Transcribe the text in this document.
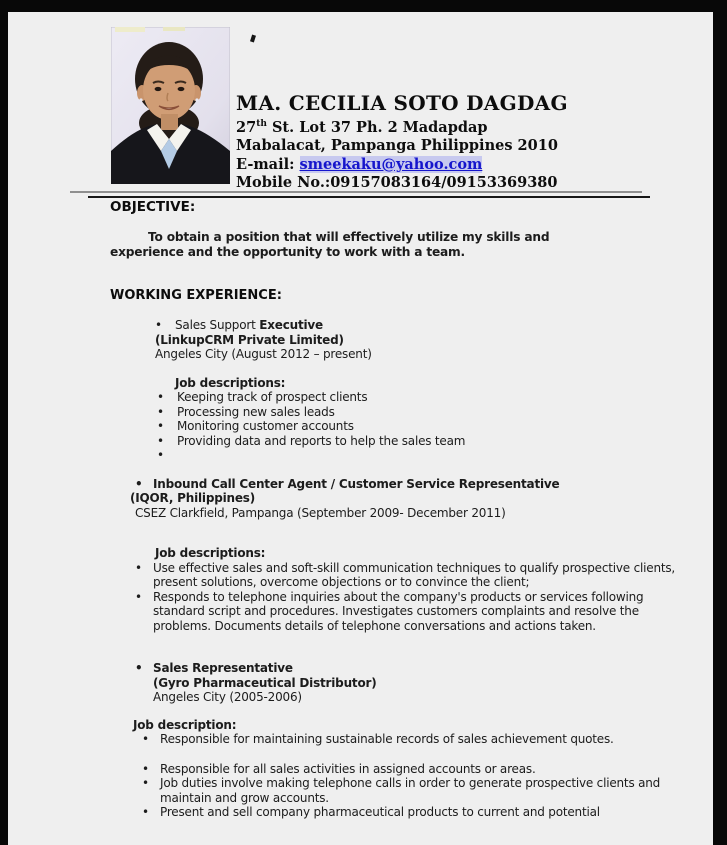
MA. CECILIA SOTO DAGDAG
27th St. Lot 37 Ph. 2 Madapdap
Mabalacat, Pampanga Philippines 2010
E-mail: smeekaku@yahoo.com
Mobile No.:09157083164/09153369380
OBJECTIVE:
To obtain a position that will effectively utilize my skills and experience and the opportunity to work with a team.
WORKING EXPERIENCE:
•	Sales Support Executive
(LinkupCRM Private Limited)
Angeles City (August 2012 – present)
Job descriptions:
•	Keeping track of prospect clients
•	Processing new sales leads
•	Monitoring customer accounts
•	Providing data and reports to help the sales team
•
• Inbound Call Center Agent / Customer Service Representative
(IQOR, Philippines)
CSEZ Clarkfield, Pampanga (September 2009- December 2011)
Job descriptions:
• Use effective sales and soft-skill communication techniques to qualify prospective clients, present solutions, overcome objections or to convince the client;
• Responds to telephone inquiries about the company's products or services following standard script and procedures. Investigates customers complaints and resolve the problems. Documents details of telephone conversations and actions taken.
• Sales Representative
(Gyro Pharmaceutical Distributor)
Angeles City (2005-2006)
Job description:
• Responsible for maintaining sustainable records of sales achievement quotes.
• Responsible for all sales activities in assigned accounts or areas.
• Job duties involve making telephone calls in order to generate prospective clients and maintain and grow accounts.
• Present and sell company pharmaceutical products to current and potential
